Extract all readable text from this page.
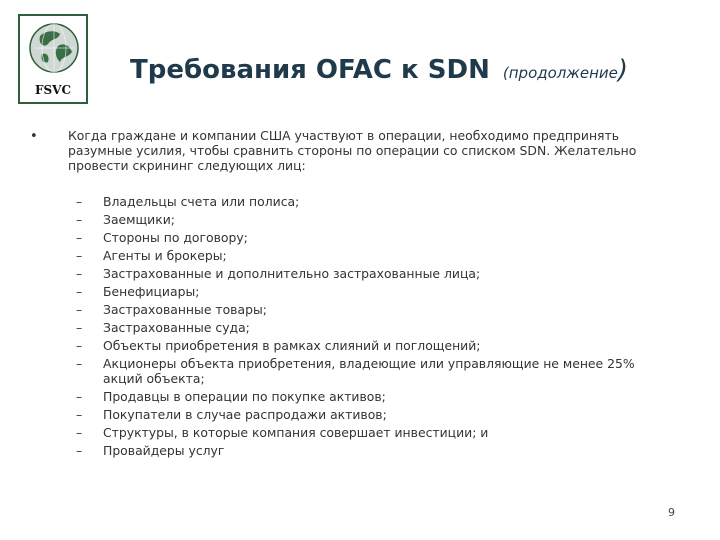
FSVC
Требования OFAC к SDN (продолжение)
• Когда граждане и компании США участвуют в операции, необходимо предпринять разумные усилия, чтобы сравнить стороны по операции со списком SDN. Желательно провести скрининг следующих лиц:
– Владельцы счета или полиса;
– Заемщики;
– Стороны по договору;
– Агенты и брокеры;
– Застрахованные и дополнительно застрахованные лица;
– Бенефициары;
– Застрахованные товары;
– Застрахованные суда;
– Объекты приобретения в рамках слияний и поглощений;
– Акционеры объекта приобретения, владеющие или управляющие не менее 25% акций объекта;
– Продавцы в операции по покупке активов;
– Покупатели в случае распродажи активов;
– Структуры, в которые компания совершает инвестиции; и
– Провайдеры услуг
9
